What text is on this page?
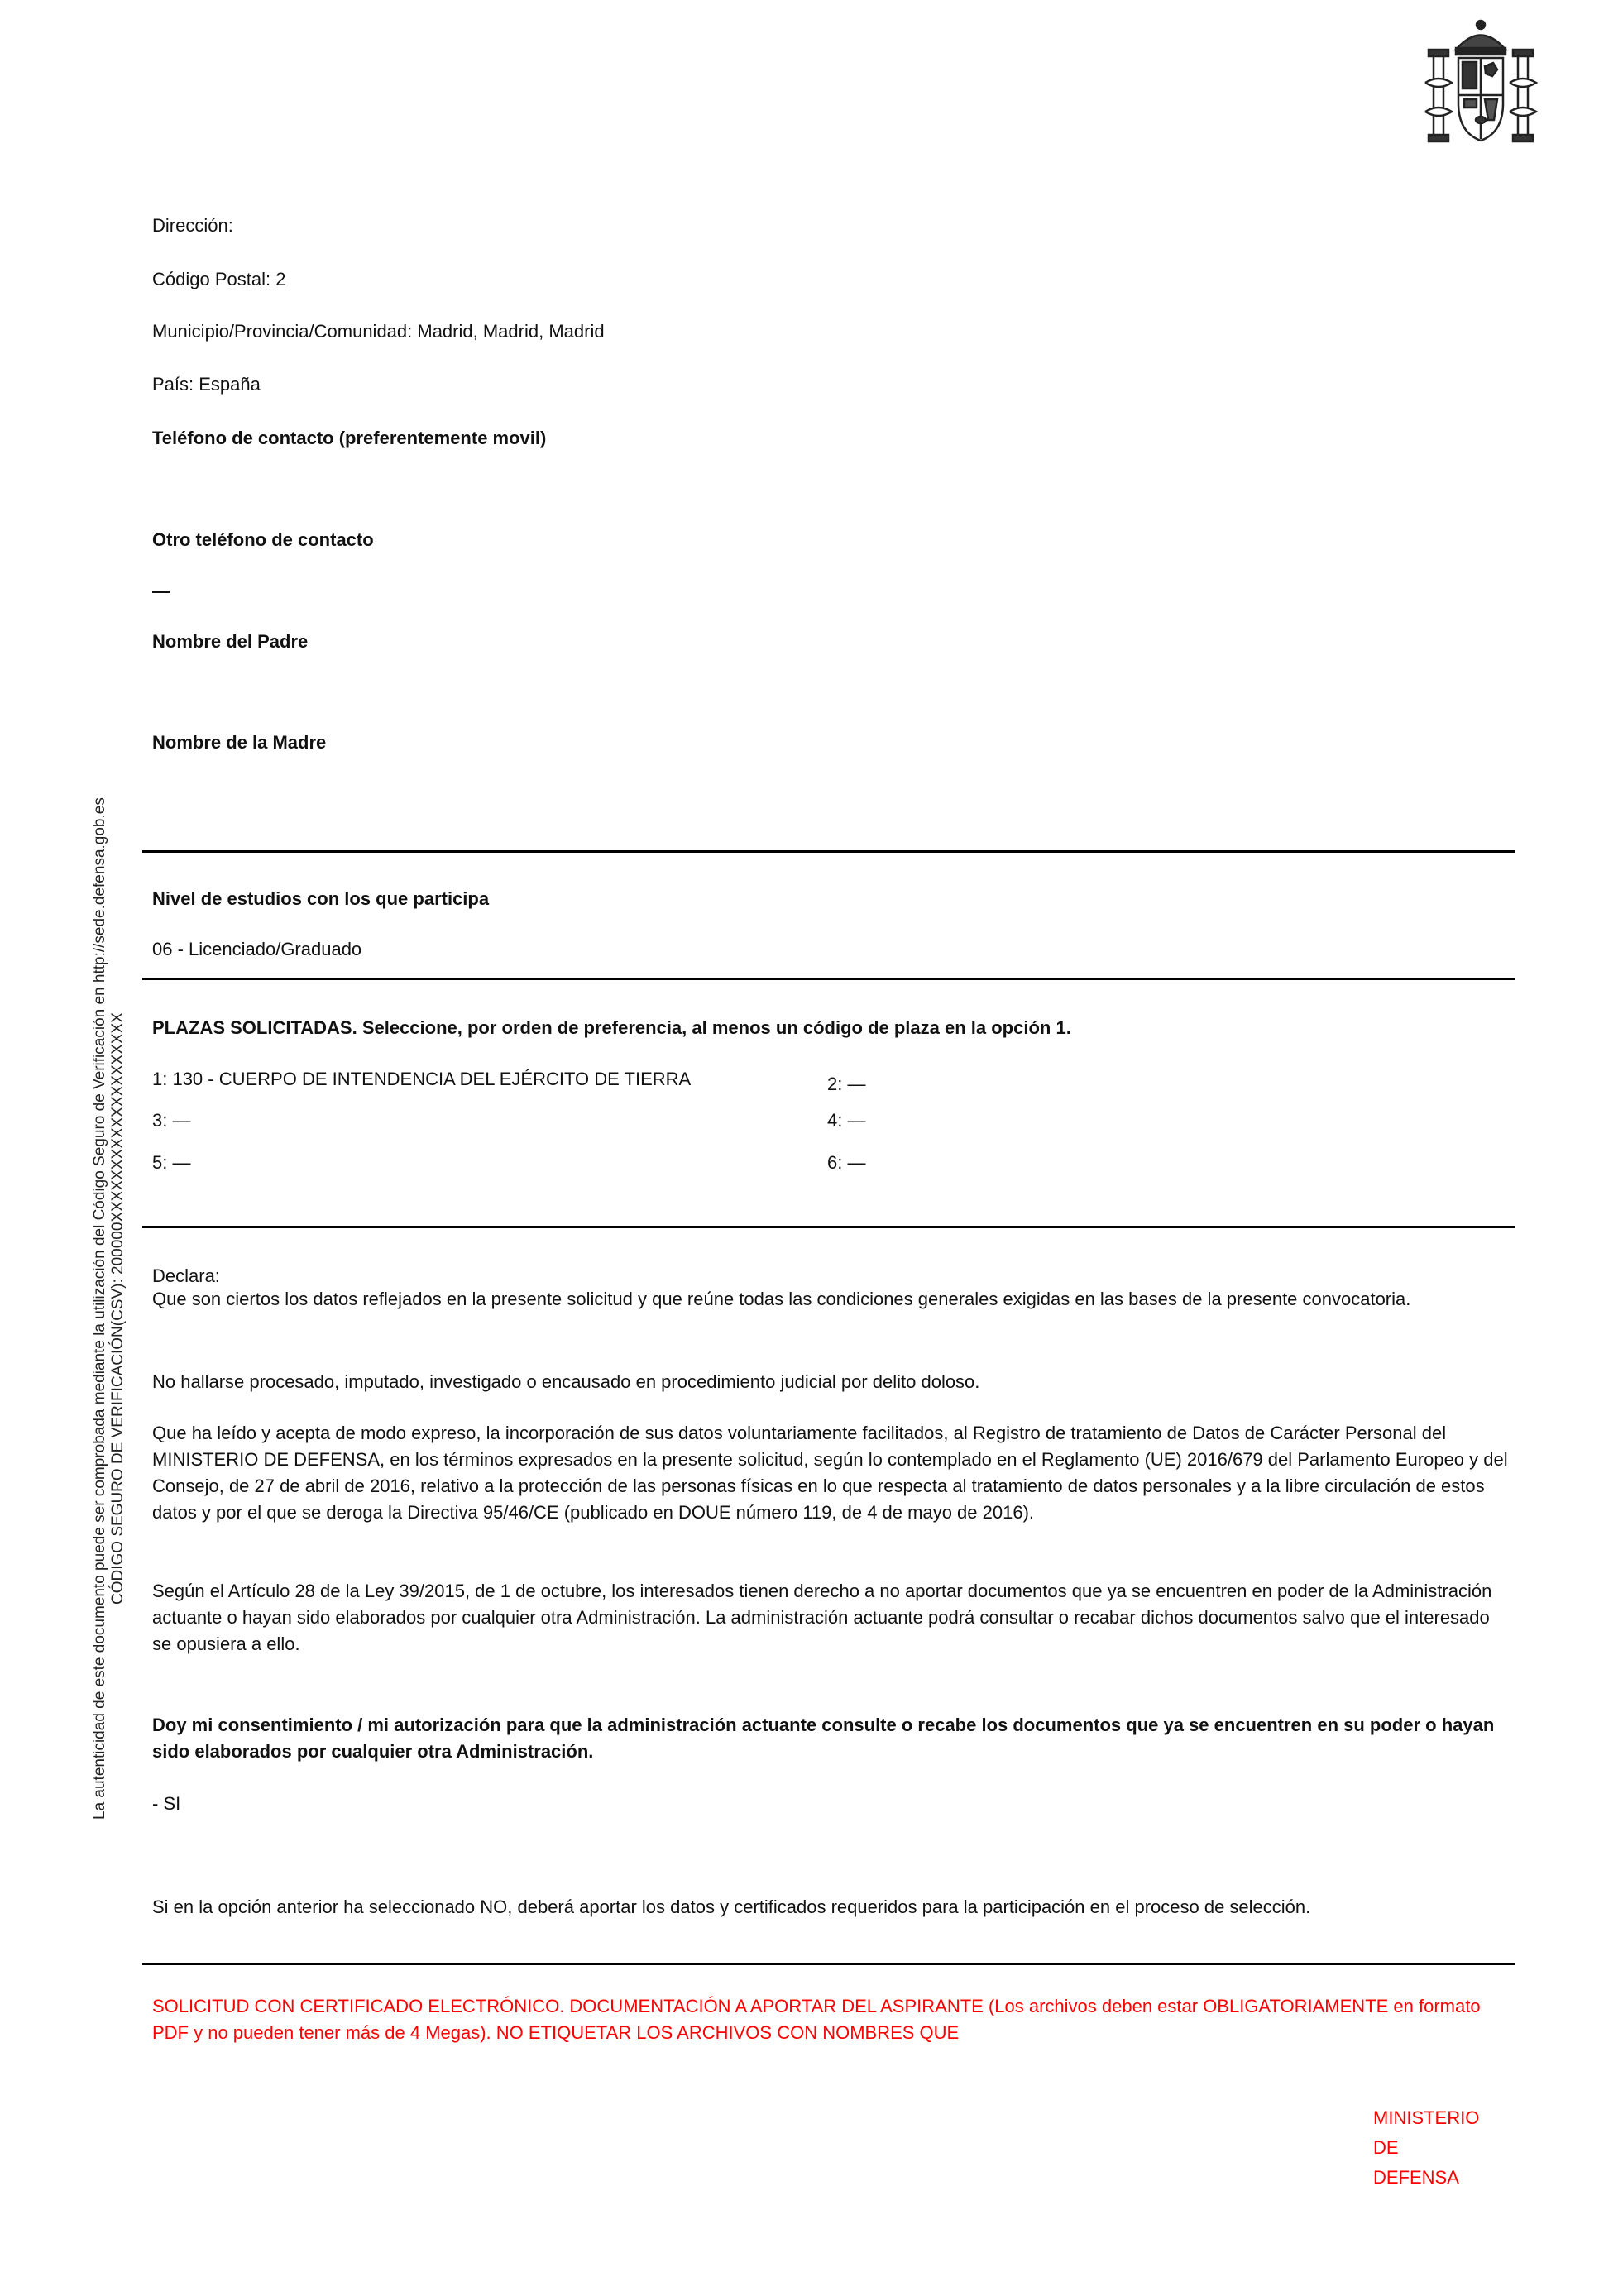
La autenticidad de este documento puede ser comprobada mediante la utilización del Código Seguro de Verificación en http://sede.defensa.gob.es CÓDIGO SEGURO DE VERIFICACIÓN(CSV): 200000XXXXXXXXXXXXXXXXXXXX
Dirección:
Código Postal: 2
Municipio/Provincia/Comunidad: Madrid, Madrid, Madrid
País: España
Teléfono de contacto (preferentemente movil)
Otro teléfono de contacto
—
Nombre del Padre
Nombre de la Madre
Nivel de estudios con los que participa
06 - Licenciado/Graduado
PLAZAS SOLICITADAS. Seleccione, por orden de preferencia, al menos un código de plaza en la opción 1.
1: 130 - CUERPO DE INTENDENCIA DEL EJÉRCITO DE TIERRA	2: —
3: —	4: —
5: —	6: —
Declara:
Que son ciertos los datos reflejados en la presente solicitud y que reúne todas las condiciones generales exigidas en las bases de la presente convocatoria.
No hallarse procesado, imputado, investigado o encausado en procedimiento judicial por delito doloso.
Que ha leído y acepta de modo expreso, la incorporación de sus datos voluntariamente facilitados, al Registro de tratamiento de Datos de Carácter Personal del MINISTERIO DE DEFENSA, en los términos expresados en la presente solicitud, según lo contemplado en el Reglamento (UE) 2016/679 del Parlamento Europeo y del Consejo, de 27 de abril de 2016, relativo a la protección de las personas físicas en lo que respecta al tratamiento de datos personales y a la libre circulación de estos datos y por el que se deroga la Directiva 95/46/CE (publicado en DOUE número 119, de 4 de mayo de 2016).
Según el Artículo 28 de la Ley 39/2015, de 1 de octubre, los interesados tienen derecho a no aportar documentos que ya se encuentren en poder de la Administración actuante o hayan sido elaborados por cualquier otra Administración. La administración actuante podrá consultar o recabar dichos documentos salvo que el interesado se opusiera a ello.
Doy mi consentimiento / mi autorización para que la administración actuante consulte o recabe los documentos que ya se encuentren en su poder o hayan sido elaborados por cualquier otra Administración.
- SI
Si en la opción anterior ha seleccionado NO, deberá aportar los datos y certificados requeridos para la participación en el proceso de selección.
SOLICITUD CON CERTIFICADO ELECTRÓNICO. DOCUMENTACIÓN A APORTAR DEL ASPIRANTE (Los archivos deben estar OBLIGATORIAMENTE en formato PDF y no pueden tener más de 4 Megas). NO ETIQUETAR LOS ARCHIVOS CON NOMBRES QUE
MINISTERIO
DE
DEFENSA
